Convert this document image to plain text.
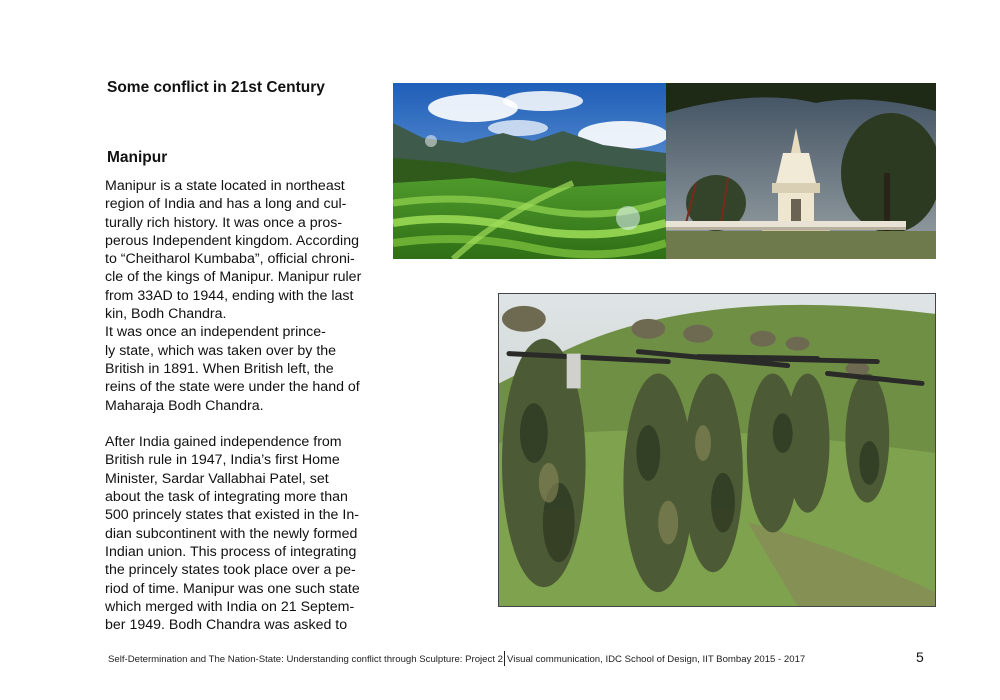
Some conflict in 21st Century
Manipur
Manipur is a state located in northeast
region of India and has a long and cul-
turally rich history. It was once a pros-
perous Independent kingdom. According
to “Cheitharol Kumbaba”, official chroni-
cle of the kings of Manipur. Manipur ruler
from 33AD to 1944, ending with the last
kin, Bodh Chandra.
It was once an independent prince-
ly state, which was taken over by the
British in 1891. When British left, the
reins of the state were under the hand of
Maharaja Bodh Chandra.
After India gained independence from
British rule in 1947, India’s first Home
Minister, Sardar Vallabhai Patel, set
about the task of integrating more than
500 princely states that existed in the In-
dian subcontinent with the newly formed
Indian union. This process of integrating
the princely states took place over a pe-
riod of time. Manipur was one such state
which merged with India on 21 Septem-
ber 1949. Bodh Chandra was asked to
Self-Determination and The Nation-State: Understanding conflict through Sculpture: Project 2 Visual communication, IDC School of Design, IIT Bombay 2015 - 2017	5
